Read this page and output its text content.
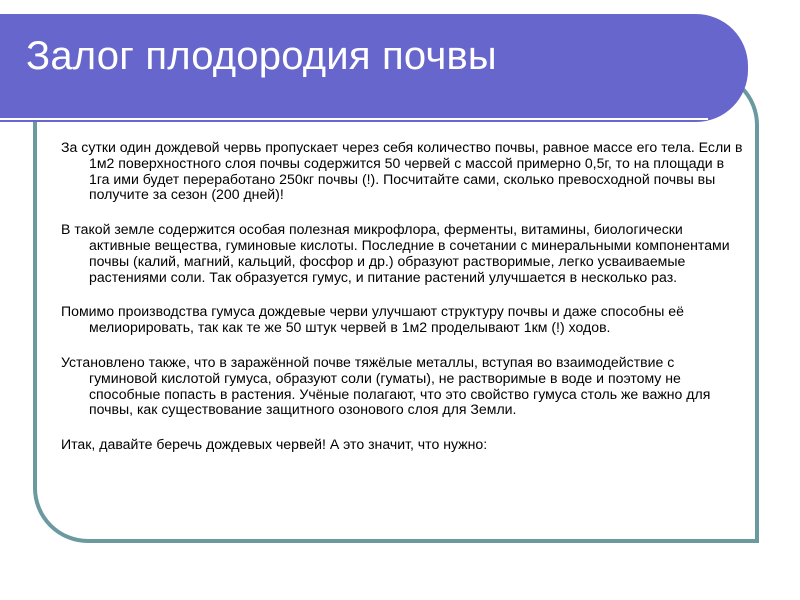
Залог плодородия почвы

За сутки один дождевой червь пропускает через себя количество почвы, равное массе его тела. Если в 1м2 поверхностного слоя почвы содержится 50 червей с массой примерно 0,5г, то на площади в 1га ими будет переработано 250кг почвы (!). Посчитайте сами, сколько превосходной почвы вы получите за сезон (200 дней)!

В такой земле содержится особая полезная микрофлора, ферменты, витамины, биологически активные вещества, гуминовые кислоты. Последние в сочетании с минеральными компонентами почвы (калий, магний, кальций, фосфор и др.) образуют растворимые, легко усваиваемые растениями соли. Так образуется гумус, и питание растений улучшается в несколько раз.

Помимо производства гумуса дождевые черви улучшают структуру почвы и даже способны её мелиорировать, так как те же 50 штук червей в 1м2 проделывают 1км (!) ходов.

Установлено также, что в заражённой почве тяжёлые металлы, вступая во взаимодействие с гуминовой кислотой гумуса, образуют соли (гуматы), не растворимые в воде и поэтому не способные попасть в растения. Учёные полагают, что это свойство гумуса столь же важно для почвы, как существование защитного озонового слоя для Земли.

Итак, давайте беречь дождевых червей! А это значит, что нужно:
